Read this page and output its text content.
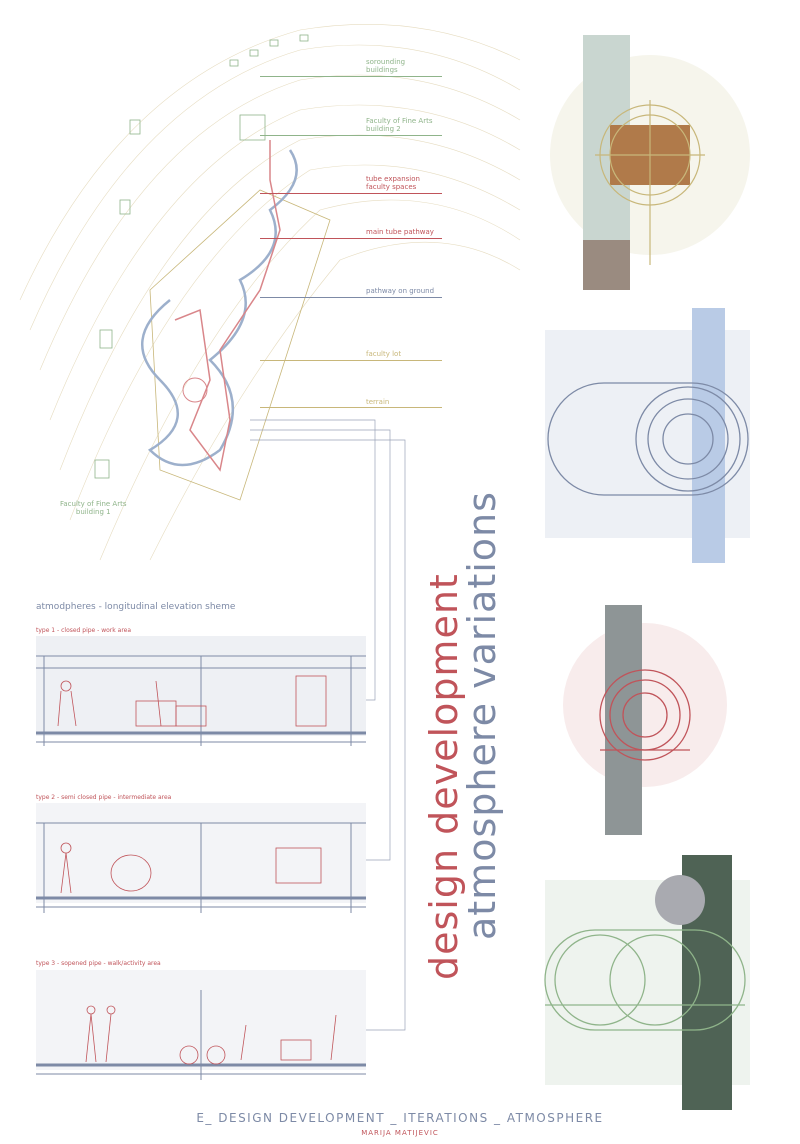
sorounding
buildings
Faculty of Fine Arts
building 2
tube expansion
faculty spaces
main tube pathway
pathway on ground
faculty lot
terrain
Faculty of Fine Arts
building 1
atmodpheres - longitudinal elevation sheme
type 1 - closed pipe - work area
type 2 - semi closed pipe - intermediate area
type 3 - sopened pipe - walk/activity area	design development
atmosphere variations
E_ DESIGN DEVELOPMENT _ ITERATIONS _ ATMOSPHERE
MARIJA MATIJEVIC
